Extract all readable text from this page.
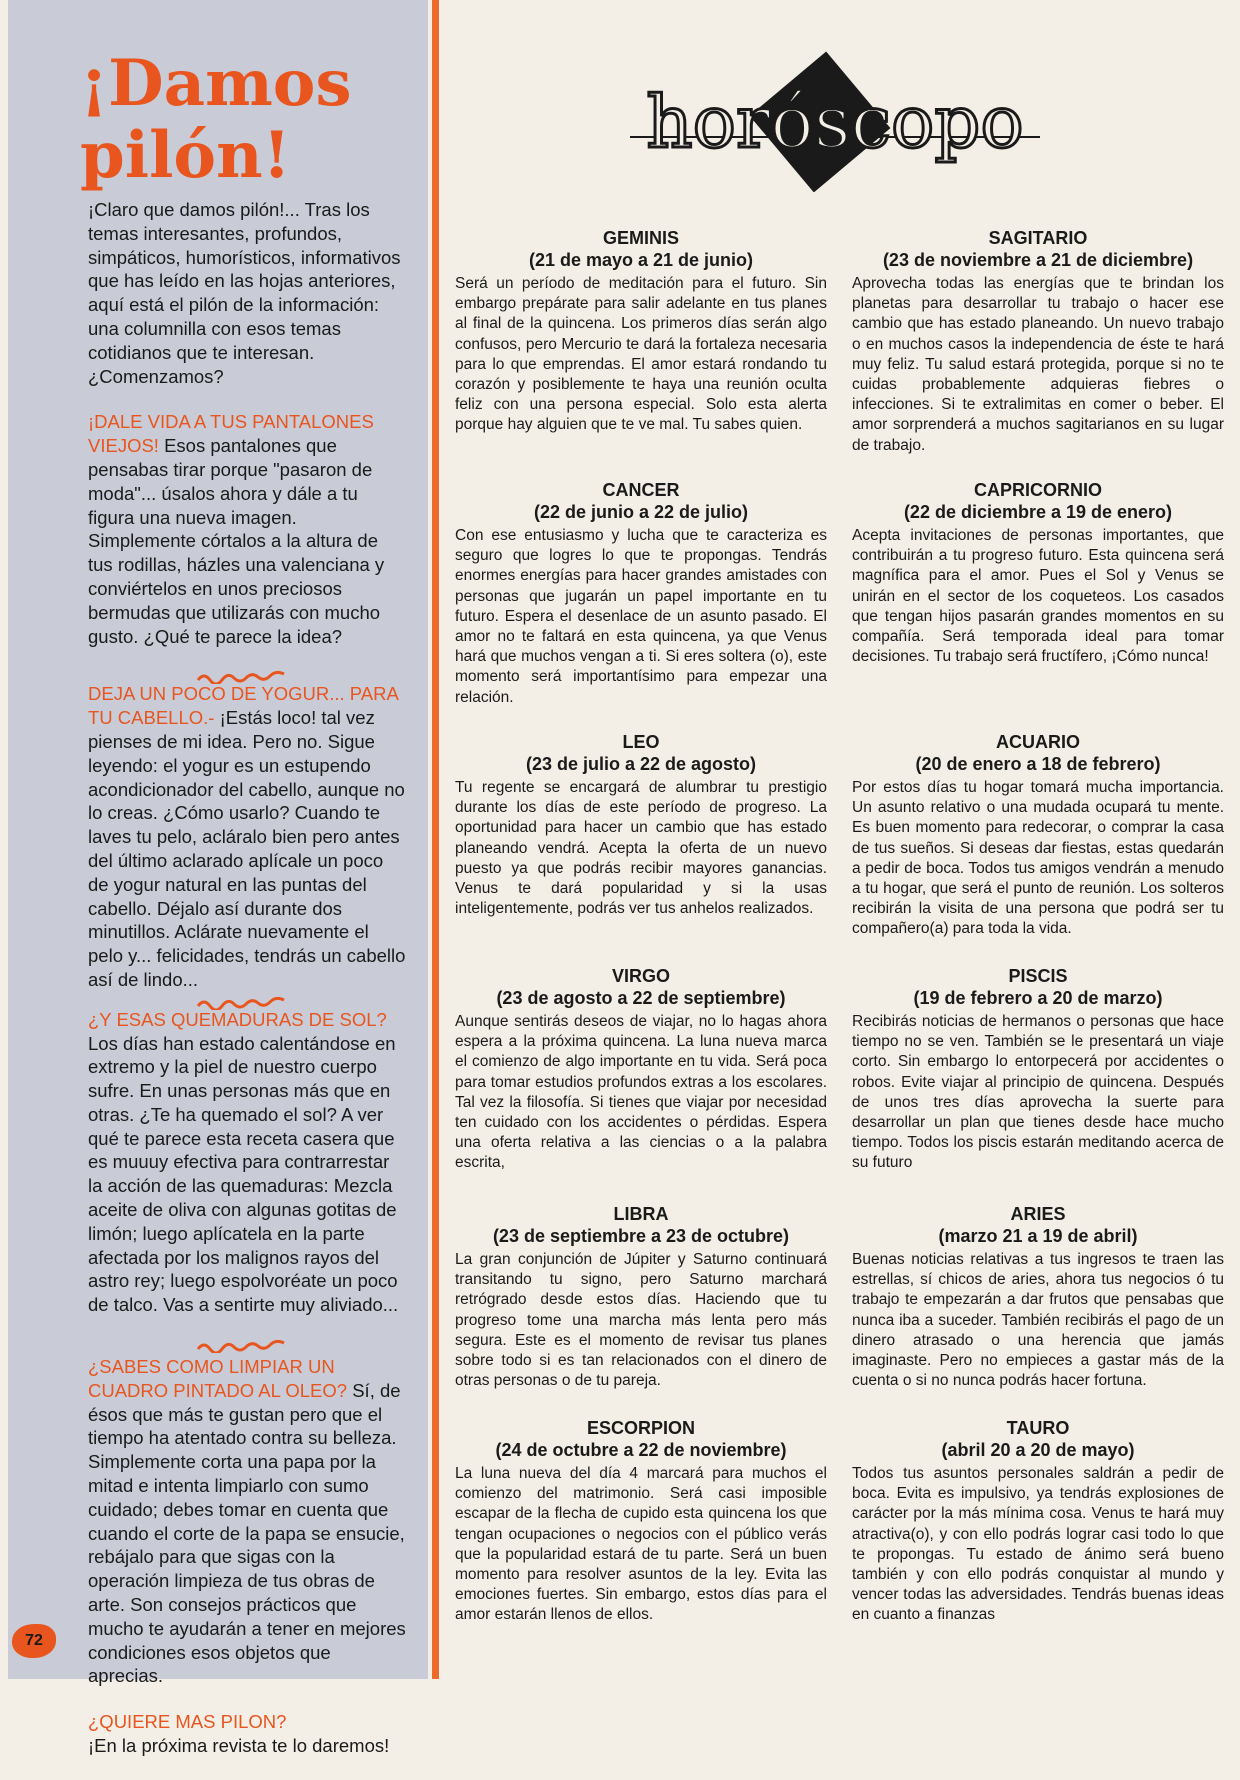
¡Damos pilón!

¡Claro que damos pilón!... Tras los temas interesantes, profundos, simpáticos, humorísticos, informativos que has leído en las hojas anteriores, aquí está el pilón de la información: una columnilla con esos temas cotidianos que te interesan. ¿Comenzamos?

¡DALE VIDA A TUS PANTALONES VIEJOS! Esos pantalones que pensabas tirar porque "pasaron de moda"... úsalos ahora y dále a tu figura una nueva imagen. Simplemente córtalos a la altura de tus rodillas, házles una valenciana y conviértelos en unos preciosos bermudas que utilizarás con mucho gusto. ¿Qué te parece la idea?

DEJA UN POCO DE YOGUR... PARA TU CABELLO.- ¡Estás loco! tal vez pienses de mi idea. Pero no. Sigue leyendo: el yogur es un estupendo acondicionador del cabello, aunque no lo creas. ¿Cómo usarlo? Cuando te laves tu pelo, acláralo bien pero antes del último aclarado aplícale un poco de yogur natural en las puntas del cabello. Déjalo así durante dos minutillos. Aclárate nuevamente el pelo y... felicidades, tendrás un cabello así de lindo...

¿Y ESAS QUEMADURAS DE SOL? Los días han estado calentándose en extremo y la piel de nuestro cuerpo sufre. En unas personas más que en otras. ¿Te ha quemado el sol? A ver qué te parece esta receta casera que es muuuy efectiva para contrarrestar la acción de las quemaduras: Mezcla aceite de oliva con algunas gotitas de limón; luego aplícatela en la parte afectada por los malignos rayos del astro rey; luego espolvoréate un poco de talco. Vas a sentirte muy aliviado...

¿SABES COMO LIMPIAR UN CUADRO PINTADO AL OLEO? Sí, de ésos que más te gustan pero que el tiempo ha atentado contra su belleza. Simplemente corta una papa por la mitad e intenta limpiarlo con sumo cuidado; debes tomar en cuenta que cuando el corte de la papa se ensucie, rebájalo para que sigas con la operación limpieza de tus obras de arte. Son consejos prácticos que mucho te ayudarán a tener en mejores condiciones esos objetos que aprecias.

¿QUIERE MAS PILON?
¡En la próxima revista te lo daremos!

72
horóscopo
GEMINIS
(21 de mayo a 21 de junio)
Será un período de meditación para el futuro. Sin embargo prepárate para salir adelante en tus planes al final de la quincena. Los primeros días serán algo confusos, pero Mercurio te dará la fortaleza necesaria para lo que emprendas. El amor estará rondando tu corazón y posiblemente te haya una reunión oculta feliz con una persona especial. Solo esta alerta porque hay alguien que te ve mal. Tu sabes quien.
SAGITARIO
(23 de noviembre a 21 de diciembre)
Aprovecha todas las energías que te brindan los planetas para desarrollar tu trabajo o hacer ese cambio que has estado planeando. Un nuevo trabajo o en muchos casos la independencia de éste te hará muy feliz. Tu salud estará protegida, porque si no te cuidas probablemente adquieras fiebres o infecciones. Si te extralimitas en comer o beber. El amor sorprenderá a muchos sagitarianos en su lugar de trabajo.
CANCER
(22 de junio a 22 de julio)
Con ese entusiasmo y lucha que te caracteriza es seguro que logres lo que te propongas. Tendrás enormes energías para hacer grandes amistades con personas que jugarán un papel importante en tu futuro. Espera el desenlace de un asunto pasado. El amor no te faltará en esta quincena, ya que Venus hará que muchos vengan a ti. Si eres soltera (o), este momento será importantísimo para empezar una relación.
CAPRICORNIO
(22 de diciembre a 19 de enero)
Acepta invitaciones de personas importantes, que contribuirán a tu progreso futuro. Esta quincena será magnífica para el amor. Pues el Sol y Venus se unirán en el sector de los coqueteos. Los casados que tengan hijos pasarán grandes momentos en su compañía. Será temporada ideal para tomar decisiones. Tu trabajo será fructífero, ¡Cómo nunca!
LEO
(23 de julio a 22 de agosto)
Tu regente se encargará de alumbrar tu prestigio durante los días de este período de progreso. La oportunidad para hacer un cambio que has estado planeando vendrá. Acepta la oferta de un nuevo puesto ya que podrás recibir mayores ganancias. Venus te dará popularidad y si la usas inteligentemente, podrás ver tus anhelos realizados.
ACUARIO
(20 de enero a 18 de febrero)
Por estos días tu hogar tomará mucha importancia. Un asunto relativo o una mudada ocupará tu mente. Es buen momento para redecorar, o comprar la casa de tus sueños. Si deseas dar fiestas, estas quedarán a pedir de boca. Todos tus amigos vendrán a menudo a tu hogar, que será el punto de reunión. Los solteros recibirán la visita de una persona que podrá ser tu compañero(a) para toda la vida.
VIRGO
(23 de agosto a 22 de septiembre)
Aunque sentirás deseos de viajar, no lo hagas ahora espera a la próxima quincena. La luna nueva marca el comienzo de algo importante en tu vida. Será poca para tomar estudios profundos extras a los escolares. Tal vez la filosofía. Si tienes que viajar por necesidad ten cuidado con los accidentes o pérdidas. Espera una oferta relativa a las ciencias o a la palabra escrita,
PISCIS
(19 de febrero a 20 de marzo)
Recibirás noticias de hermanos o personas que hace tiempo no se ven. También se le presentará un viaje corto. Sin embargo lo entorpecerá por accidentes o robos. Evite viajar al principio de quincena. Después de unos tres días aprovecha la suerte para desarrollar un plan que tienes desde hace mucho tiempo. Todos los piscis estarán meditando acerca de su futuro
LIBRA
(23 de septiembre a 23 de octubre)
La gran conjunción de Júpiter y Saturno continuará transitando tu signo, pero Saturno marchará retrógrado desde estos días. Haciendo que tu progreso tome una marcha más lenta pero más segura. Este es el momento de revisar tus planes sobre todo si es tan relacionados con el dinero de otras personas o de tu pareja.
ARIES
(marzo 21 a 19 de abril)
Buenas noticias relativas a tus ingresos te traen las estrellas, sí chicos de aries, ahora tus negocios ó tu trabajo te empezarán a dar frutos que pensabas que nunca iba a suceder. También recibirás el pago de un dinero atrasado o una herencia que jamás imaginaste. Pero no empieces a gastar más de la cuenta o si no nunca podrás hacer fortuna.
ESCORPION
(24 de octubre a 22 de noviembre)
La luna nueva del día 4 marcará para muchos el comienzo del matrimonio. Será casi imposible escapar de la flecha de cupido esta quincena los que tengan ocupaciones o negocios con el público verás que la popularidad estará de tu parte. Será un buen momento para resolver asuntos de la ley. Evita las emociones fuertes. Sin embargo, estos días para el amor estarán llenos de ellos.
TAURO
(abril 20 a 20 de mayo)
Todos tus asuntos personales saldrán a pedir de boca. Evita es impulsivo, ya tendrás explosiones de carácter por la más mínima cosa. Venus te hará muy atractiva(o), y con ello podrás lograr casi todo lo que te propongas. Tu estado de ánimo será bueno también y con ello podrás conquistar al mundo y vencer todas las adversidades. Tendrás buenas ideas en cuanto a finanzas
